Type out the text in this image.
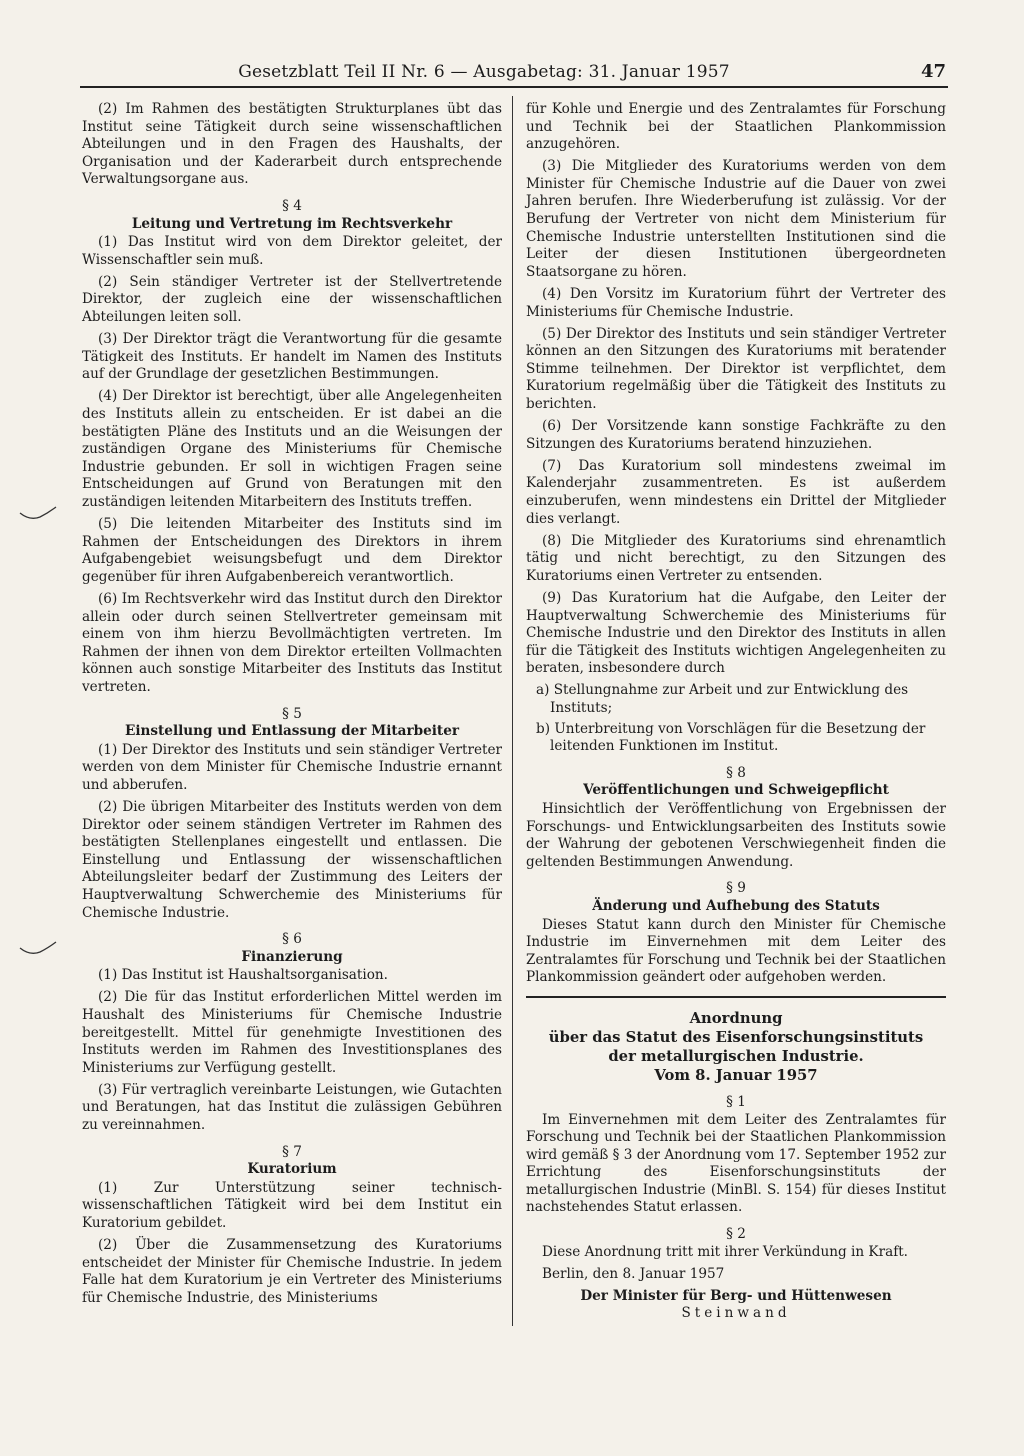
Gesetzblatt Teil II Nr. 6 — Ausgabetag: 31. Januar 1957	47

(2) Im Rahmen des bestätigten Strukturplanes übt das Institut seine Tätigkeit durch seine wissenschaftlichen Abteilungen und in den Fragen des Haushalts, der Organisation und der Kaderarbeit durch entsprechende Verwaltungsorgane aus.

§ 4
Leitung und Vertretung im Rechtsverkehr

(1) Das Institut wird von dem Direktor geleitet, der Wissenschaftler sein muß.

(2) Sein ständiger Vertreter ist der Stellvertretende Direktor, der zugleich eine der wissenschaftlichen Abteilungen leiten soll.

(3) Der Direktor trägt die Verantwortung für die gesamte Tätigkeit des Instituts. Er handelt im Namen des Instituts auf der Grundlage der gesetzlichen Bestimmungen.

(4) Der Direktor ist berechtigt, über alle Angelegenheiten des Instituts allein zu entscheiden. Er ist dabei an die bestätigten Pläne des Instituts und an die Weisungen der zuständigen Organe des Ministeriums für Chemische Industrie gebunden. Er soll in wichtigen Fragen seine Entscheidungen auf Grund von Beratungen mit den zuständigen leitenden Mitarbeitern des Instituts treffen.

(5) Die leitenden Mitarbeiter des Instituts sind im Rahmen der Entscheidungen des Direktors in ihrem Aufgabengebiet weisungsbefugt und dem Direktor gegenüber für ihren Aufgabenbereich verantwortlich.

(6) Im Rechtsverkehr wird das Institut durch den Direktor allein oder durch seinen Stellvertreter gemeinsam mit einem von ihm hierzu Bevollmächtigten vertreten. Im Rahmen der ihnen von dem Direktor erteilten Vollmachten können auch sonstige Mitarbeiter des Instituts das Institut vertreten.

§ 5
Einstellung und Entlassung der Mitarbeiter

(1) Der Direktor des Instituts und sein ständiger Vertreter werden von dem Minister für Chemische Industrie ernannt und abberufen.

(2) Die übrigen Mitarbeiter des Instituts werden von dem Direktor oder seinem ständigen Vertreter im Rahmen des bestätigten Stellenplanes eingestellt und entlassen. Die Einstellung und Entlassung der wissenschaftlichen Abteilungsleiter bedarf der Zustimmung des Leiters der Hauptverwaltung Schwerchemie des Ministeriums für Chemische Industrie.

§ 6
Finanzierung

(1) Das Institut ist Haushaltsorganisation.

(2) Die für das Institut erforderlichen Mittel werden im Haushalt des Ministeriums für Chemische Industrie bereitgestellt. Mittel für genehmigte Investitionen des Instituts werden im Rahmen des Investitionsplanes des Ministeriums zur Verfügung gestellt.

(3) Für vertraglich vereinbarte Leistungen, wie Gutachten und Beratungen, hat das Institut die zulässigen Gebühren zu vereinnahmen.

§ 7
Kuratorium

(1) Zur Unterstützung seiner technisch-wissenschaftlichen Tätigkeit wird bei dem Institut ein Kuratorium gebildet.

(2) Über die Zusammensetzung des Kuratoriums entscheidet der Minister für Chemische Industrie. In jedem Falle hat dem Kuratorium je ein Vertreter des Ministeriums für Chemische Industrie, des Ministeriums

für Kohle und Energie und des Zentralamtes für Forschung und Technik bei der Staatlichen Plankommission anzugehören.

(3) Die Mitglieder des Kuratoriums werden von dem Minister für Chemische Industrie auf die Dauer von zwei Jahren berufen. Ihre Wiederberufung ist zulässig. Vor der Berufung der Vertreter von nicht dem Ministerium für Chemische Industrie unterstellten Institutionen sind die Leiter der diesen Institutionen übergeordneten Staatsorgane zu hören.

(4) Den Vorsitz im Kuratorium führt der Vertreter des Ministeriums für Chemische Industrie.

(5) Der Direktor des Instituts und sein ständiger Vertreter können an den Sitzungen des Kuratoriums mit beratender Stimme teilnehmen. Der Direktor ist verpflichtet, dem Kuratorium regelmäßig über die Tätigkeit des Instituts zu berichten.

(6) Der Vorsitzende kann sonstige Fachkräfte zu den Sitzungen des Kuratoriums beratend hinzuziehen.

(7) Das Kuratorium soll mindestens zweimal im Kalenderjahr zusammentreten. Es ist außerdem einzuberufen, wenn mindestens ein Drittel der Mitglieder dies verlangt.

(8) Die Mitglieder des Kuratoriums sind ehrenamtlich tätig und nicht berechtigt, zu den Sitzungen des Kuratoriums einen Vertreter zu entsenden.

(9) Das Kuratorium hat die Aufgabe, den Leiter der Hauptverwaltung Schwerchemie des Ministeriums für Chemische Industrie und den Direktor des Instituts in allen für die Tätigkeit des Instituts wichtigen Angelegenheiten zu beraten, insbesondere durch

a) Stellungnahme zur Arbeit und zur Entwicklung des Instituts;
b) Unterbreitung von Vorschlägen für die Besetzung der leitenden Funktionen im Institut.
§ 8
Veröffentlichungen und Schweigepflicht

Hinsichtlich der Veröffentlichung von Ergebnissen der Forschungs- und Entwicklungsarbeiten des Instituts sowie der Wahrung der gebotenen Verschwiegenheit finden die geltenden Bestimmungen Anwendung.

§ 9
Änderung und Aufhebung des Statuts

Dieses Statut kann durch den Minister für Chemische Industrie im Einvernehmen mit dem Leiter des Zentralamtes für Forschung und Technik bei der Staatlichen Plankommission geändert oder aufgehoben werden.

Anordnung
über das Statut des Eisenforschungsinstituts
der metallurgischen Industrie.
Vom 8. Januar 1957
§ 1

Im Einvernehmen mit dem Leiter des Zentralamtes für Forschung und Technik bei der Staatlichen Plankommission wird gemäß § 3 der Anordnung vom 17. September 1952 zur Errichtung des Eisenforschungsinstituts der metallurgischen Industrie (MinBl. S. 154) für dieses Institut nachstehendes Statut erlassen.

§ 2

Diese Anordnung tritt mit ihrer Verkündung in Kraft.

Berlin, den 8. Januar 1957

Der Minister für Berg- und Hüttenwesen
Steinwand
